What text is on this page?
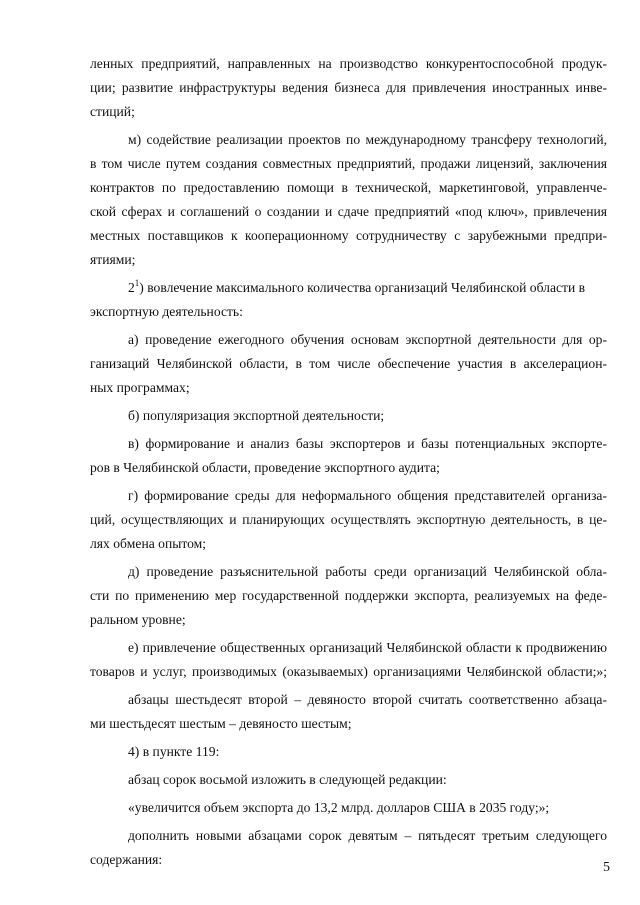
ленных предприятий, направленных на производство конкурентоспособной продук-
ции; развитие инфраструктуры ведения бизнеса для привлечения иностранных инве-
стиций;
м) содействие реализации проектов по международному трансферу технологий,
в том числе путем создания совместных предприятий, продажи лицензий, заключения
контрактов по предоставлению помощи в технической, маркетинговой, управленче-
ской сферах и соглашений о создании и сдаче предприятий «под ключ», привлечения
местных поставщиков к кооперационному сотрудничеству с зарубежными предпри-
ятиями;
$2^1$) вовлечение максимального количества организаций Челябинской области в
экспортную деятельность:
а) проведение ежегодного обучения основам экспортной деятельности для ор-
ганизаций Челябинской области, в том числе обеспечение участия в акселерацион-
ных программах;
б) популяризация экспортной деятельности;
в) формирование и анализ базы экспортеров и базы потенциальных экспорте-
ров в Челябинской области, проведение экспортного аудита;
г) формирование среды для неформального общения представителей организа-
ций, осуществляющих и планирующих осуществлять экспортную деятельность, в це-
лях обмена опытом;
д) проведение разъяснительной работы среди организаций Челябинской обла-
сти по применению мер государственной поддержки экспорта, реализуемых на феде-
ральном уровне;
е) привлечение общественных организаций Челябинской области к продвижению
товаров и услуг, производимых (оказываемых) организациями Челябинской области;»;
абзацы шестьдесят второй – девяносто второй считать соответственно абзаца-
ми шестьдесят шестым – девяносто шестым;
4) в пункте 119:
абзац сорок восьмой изложить в следующей редакции:
«увеличится объем экспорта до 13,2 млрд. долларов США в 2035 году;»;
дополнить новыми абзацами сорок девятым – пятьдесят третьим следующего
содержания:
5
